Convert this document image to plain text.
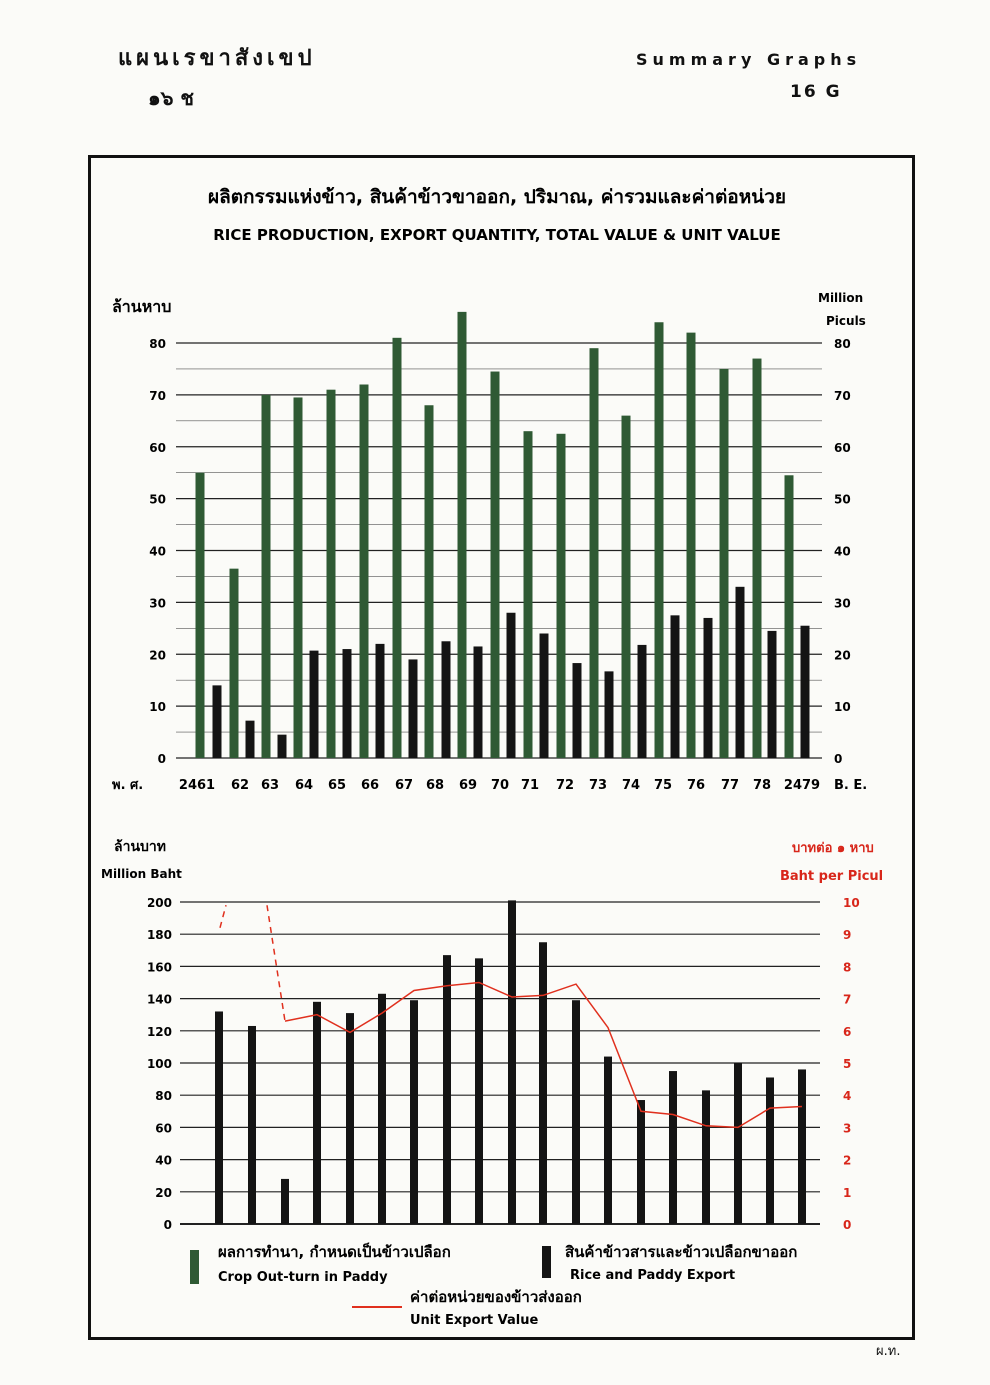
แผนเรขาสังเขป
๑๖ ช
Summary Graphs
16 G
ผลิตกรรมแห่งข้าว, สินค้าข้าวขาออก, ปริมาณ, ค่ารวมและค่าต่อหน่วย
RICE PRODUCTION, EXPORT QUANTITY, TOTAL VALUE & UNIT VALUE
ล้านหาบ	Million
Piculs
0	0
10	10
20	20
30	30
40	40
50	50
60	60
70	70
80	80
พ. ศ.	B. E.
2461 62 63 64 65 66 67 68 69 70 71 72 73 74 75 76 77 78 2479
ล้านบาท
Million Baht
บาทต่อ ๑ หาบ
Baht per Picul
0
20
40
60
80
100
120
140
160
180
200
0
1
2
3
4
5
6
7
8
9
10
ผลการทำนา, กำหนดเป็นข้าวเปลือก
Crop Out-turn in Paddy
สินค้าข้าวสารและข้าวเปลือกขาออก
Rice and Paddy Export
ค่าต่อหน่วยของข้าวส่งออก
Unit Export Value
ผ.ท.
